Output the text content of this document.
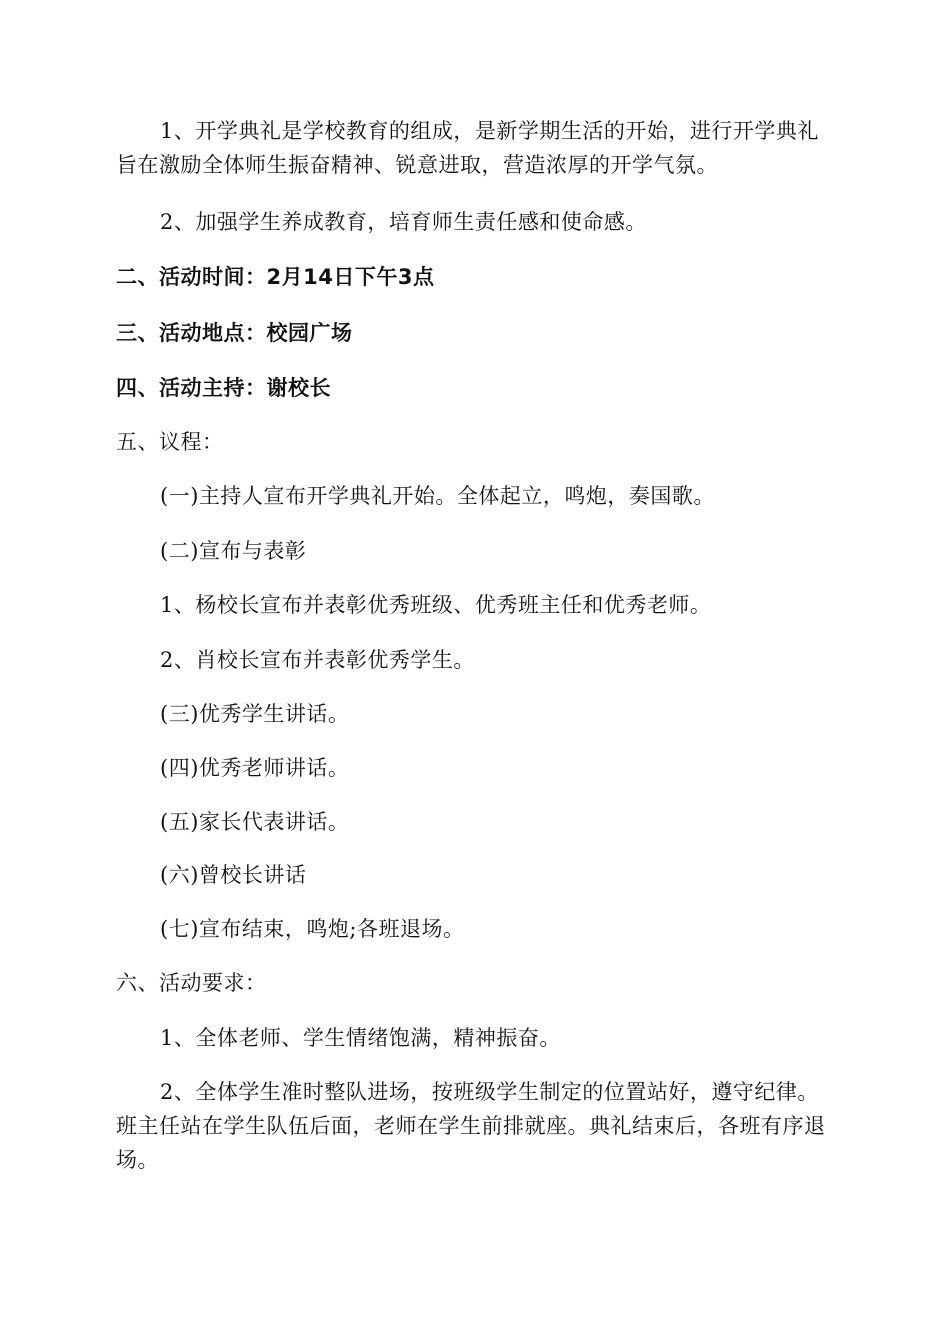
1、开学典礼是学校教育的组成，是新学期生活的开始，进行开学典礼旨在激励全体师生振奋精神、锐意进取，营造浓厚的开学气氛。

2、加强学生养成教育，培育师生责任感和使命感。

二、活动时间：2月14日下午3点

三、活动地点：校园广场

四、活动主持：谢校长

五、议程：

(一)主持人宣布开学典礼开始。全体起立，鸣炮，奏国歌。

(二)宣布与表彰

1、杨校长宣布并表彰优秀班级、优秀班主任和优秀老师。

2、肖校长宣布并表彰优秀学生。

(三)优秀学生讲话。

(四)优秀老师讲话。

(五)家长代表讲话。

(六)曾校长讲话

(七)宣布结束，鸣炮;各班退场。

六、活动要求：

1、全体老师、学生情绪饱满，精神振奋。

2、全体学生准时整队进场，按班级学生制定的位置站好，遵守纪律。班主任站在学生队伍后面，老师在学生前排就座。典礼结束后，各班有序退场。
